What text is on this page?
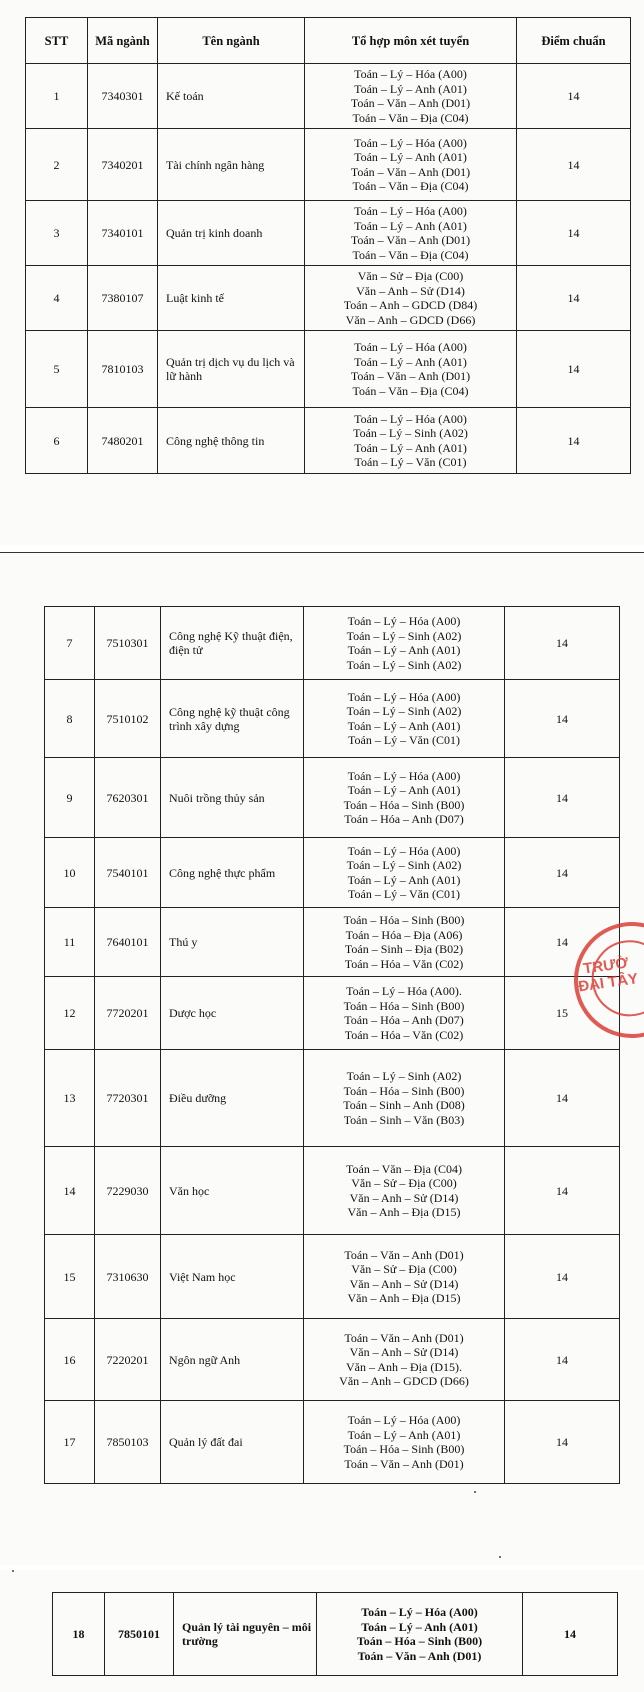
STT	Mã ngành	Tên ngành	Tổ hợp môn xét tuyển	Điểm chuẩn
1	7340301	Kế toán	Toán – Lý – Hóa (A00)
Toán – Lý – Anh (A01)
Toán – Văn – Anh (D01)
Toán – Văn – Địa (C04)	14
2	7340201	Tài chính ngân hàng	Toán – Lý – Hóa (A00)
Toán – Lý – Anh (A01)
Toán – Văn – Anh (D01)
Toán – Văn – Địa (C04)	14
3	7340101	Quản trị kinh doanh	Toán – Lý – Hóa (A00)
Toán – Lý – Anh (A01)
Toán – Văn – Anh (D01)
Toán – Văn – Địa (C04)	14
4	7380107	Luật kinh tế	Văn – Sử – Địa (C00)
Văn – Anh – Sử (D14)
Toán – Anh – GDCD (D84)
Văn – Anh – GDCD (D66)	14
5	7810103	Quản trị dịch vụ du lịch và lữ hành	Toán – Lý – Hóa (A00)
Toán – Lý – Anh (A01)
Toán – Văn – Anh (D01)
Toán – Văn – Địa (C04)	14
6	7480201	Công nghệ thông tin	Toán – Lý – Hóa (A00)
Toán – Lý – Sinh (A02)
Toán – Lý – Anh (A01)
Toán – Lý – Văn (C01)	14
7	7510301	Công nghệ Kỹ thuật điện, điện tử	Toán – Lý – Hóa (A00)
Toán – Lý – Sinh (A02)
Toán – Lý – Anh (A01)
Toán – Lý – Sinh (A02)	14
8	7510102	Công nghệ kỹ thuật công trình xây dựng	Toán – Lý – Hóa (A00)
Toán – Lý – Sinh (A02)
Toán – Lý – Anh (A01)
Toán – Lý – Văn (C01)	14
9	7620301	Nuôi trồng thủy sản	Toán – Lý – Hóa (A00)
Toán – Lý – Anh (A01)
Toán – Hóa – Sinh (B00)
Toán – Hóa – Anh (D07)	14
10	7540101	Công nghệ thực phẩm	Toán – Lý – Hóa (A00)
Toán – Lý – Sinh (A02)
Toán – Lý – Anh (A01)
Toán – Lý – Văn (C01)	14
11	7640101	Thú y	Toán – Hóa – Sinh (B00)
Toán – Hóa – Địa (A06)
Toán – Sinh – Địa (B02)
Toán – Hóa – Văn (C02)	14
12	7720201	Dược học	Toán – Lý – Hóa (A00).
Toán – Hóa – Sinh (B00)
Toán – Hóa – Anh (D07)
Toán – Hóa – Văn (C02)	15
13	7720301	Điều dưỡng	Toán – Lý – Sinh (A02)
Toán – Hóa – Sinh (B00)
Toán – Sinh – Anh (D08)
Toán – Sinh – Văn (B03)	14
14	7229030	Văn học	Toán – Văn – Địa (C04)
Văn – Sử – Địa (C00)
Văn – Anh – Sử (D14)
Văn – Anh – Địa (D15)	14
15	7310630	Việt Nam học	Toán – Văn – Anh (D01)
Văn – Sử – Địa (C00)
Văn – Anh – Sử (D14)
Văn – Anh – Địa (D15)	14
16	7220201	Ngôn ngữ Anh	Toán – Văn – Anh (D01)
Văn – Anh – Sử (D14)
Văn – Anh – Địa (D15).
Văn – Anh – GDCD (D66)	14
17	7850103	Quản lý đất đai	Toán – Lý – Hóa (A00)
Toán – Lý – Anh (A01)
Toán – Hóa – Sinh (B00)
Toán – Văn – Anh (D01)	14
18	7850101	Quản lý tài nguyên – môi trường	
Toán – Lý – Hóa (A00)
Toán – Lý – Anh (A01)
Toán – Hóa – Sinh (B00)
Toán – Văn – Anh (D01)
	14
TRƯỜ ĐẠI TÂY
